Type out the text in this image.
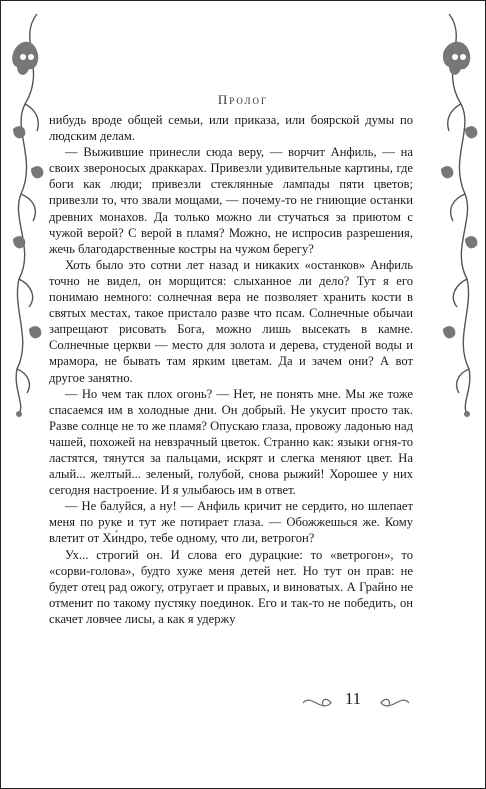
Пролог

нибудь вроде общей семьи, или приказа, или боярской думы по людским делам.

— Выжившие принесли сюда веру, — ворчит Анфиль, — на своих звероносых драккарах. Привезли удивительные картины, где боги как люди; привезли стеклянные лампады пяти цветов; привезли то, что звали мощами, — почему-то не гниющие останки древних монахов. Да только можно ли стучаться за приютом с чужой верой? С верой в пламя? Можно, не испросив разрешения, жечь благодарственные костры на чужом берегу?

Хоть было это сотни лет назад и никаких «останков» Анфиль точно не видел, он морщится: слыханное ли дело? Тут я его понимаю немного: солнечная вера не позволяет хранить кости в святых местах, такое пристало разве что псам. Солнечные обычаи запрещают рисовать Бога, можно лишь высекать в камне. Солнечные церкви — место для золота и дерева, студеной воды и мрамора, не бывать там ярким цветам. Да и зачем они? А вот другое занятно.

— Но чем так плох огонь? — Нет, не понять мне. Мы же тоже спасаемся им в холодные дни. Он добрый. Не укусит просто так. Разве солнце не то же пламя? Опускаю глаза, провожу ладонью над чашей, похожей на невзрачный цветок. Странно как: языки огня-то ластятся, тянутся за пальцами, искрят и слегка меняют цвет. На алый... желтый... зеленый, голубой, снова рыжий! Хорошее у них сегодня настроение. И я улыбаюсь им в ответ.

— Не балуйся, а ну! — Анфиль кричит не сердито, но шлепает меня по руке и тут же потирает глаза. — Обожжешься же. Кому влетит от Хи́ндро, тебе одному, что ли, ветрогон?

Ух... строгий он. И слова его дурацкие: то «ветрогон», то «сорви-голова», будто хуже меня детей нет. Но тут он прав: не будет отец рад ожогу, отругает и правых, и виноватых. А Грайно не отменит по такому пустяку поединок. Его и так-то не победить, он скачет ловчее лисы, а как я удержу

11
